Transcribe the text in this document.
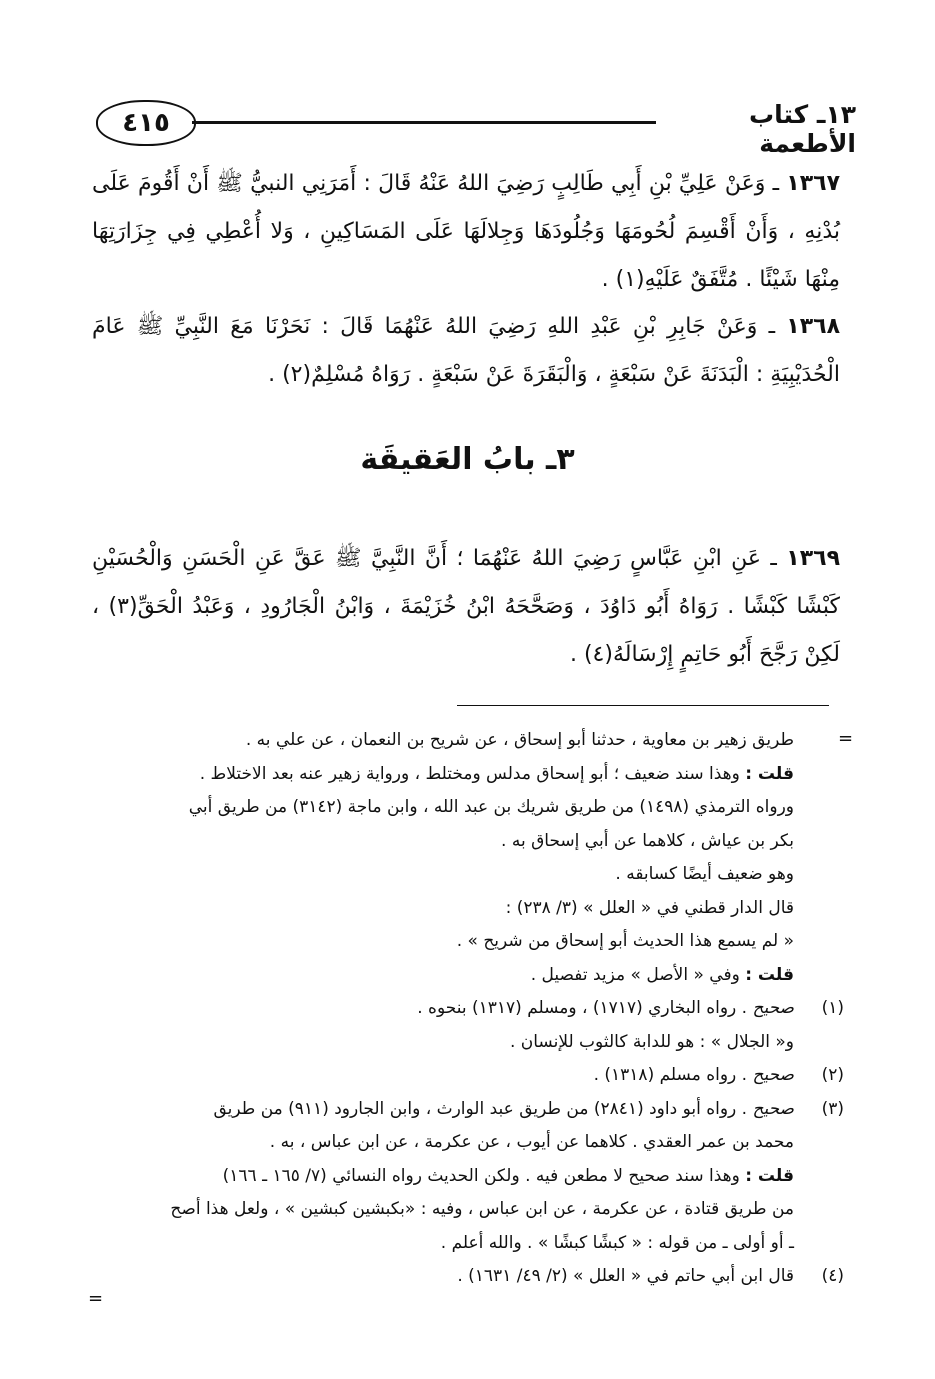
٤١٥	١٣ـ كتاب الأطعمة
١٣٦٧ ـ وَعَنْ عَلِيِّ بْنِ أَبِي طَالِبٍ رَضِيَ اللهُ عَنْهُ قَالَ : أَمَرَنِي النبيُّ ﷺ أَنْ أَقُومَ عَلَى بُدْنِهِ ، وَأَنْ أَقْسِمَ لُحُومَهَا وَجُلُودَهَا وَجِلالَهَا عَلَى المَسَاكِينِ ، وَلا أُعْطِي فِي جِزَارَتِهَا مِنْهَا شَيْئًا . مُتَّفَقٌ عَلَيْهِ(١) .
١٣٦٨ ـ وَعَنْ جَابِرِ بْنِ عَبْدِ اللهِ رَضِيَ اللهُ عَنْهُمَا قَالَ : نَحَرْنَا مَعَ النَّبِيِّ ﷺ عَامَ الْحُدَيْبِيَةِ : الْبَدَنَةَ عَنْ سَبْعَةٍ ، وَالْبَقَرَةَ عَنْ سَبْعَةٍ . رَوَاهُ مُسْلِمٌ(٢) .
٣ـ بابُ العَقيقَة
١٣٦٩ ـ عَنِ ابْنِ عَبَّاسٍ رَضِيَ اللهُ عَنْهُمَا ؛ أَنَّ النَّبِيَّ ﷺ عَقَّ عَنِ الْحَسَنِ وَالْحُسَيْنِ كَبْشًا كَبْشًا . رَوَاهُ أَبُو دَاوُدَ ، وَصَحَّحَهُ ابْنُ خُزَيْمَةَ ، وَابْنُ الْجَارُودِ ، وَعَبْدُ الْحَقِّ(٣) ، لَكِنْ رَجَّحَ أَبُو حَاتِمٍ إِرْسَالَهُ(٤) .
=
طريق زهير بن معاوية ، حدثنا أبو إسحاق ، عن شريح بن النعمان ، عن علي به .
قلت : وهذا سند ضعيف ؛ أبو إسحاق مدلس ومختلط ، ورواية زهير عنه بعد الاختلاط .
ورواه الترمذي (١٤٩٨) من طريق شريك بن عبد الله ، وابن ماجة (٣١٤٢) من طريق أبي
بكر بن عياش ، كلاهما عن أبي إسحاق به .
وهو ضعيف أيضًا كسابقه .
قال الدار قطني في « العلل » (٣/ ٢٣٨) :
« لم يسمع هذا الحديث أبو إسحاق من شريح » .
قلت : وفي « الأصل » مزيد تفصيل .
(١)صحيح . رواه البخاري (١٧١٧) ، ومسلم (١٣١٧) بنحوه .
و« الجلال » : هو للدابة كالثوب للإنسان .
(٢)صحيح . رواه مسلم (١٣١٨) .
(٣)صحيح . رواه أبو داود (٢٨٤١) من طريق عبد الوارث ، وابن الجارود (٩١١) من طريق
محمد بن عمر العقدي . كلاهما عن أيوب ، عن عكرمة ، عن ابن عباس ، به .
قلت : وهذا سند صحيح لا مطعن فيه . ولكن الحديث رواه النسائي (٧/ ١٦٥ ـ ١٦٦)
من طريق قتادة ، عن عكرمة ، عن ابن عباس ، وفيه : «بكبشين كبشين » ، ولعل هذا أصح
ـ أو أولى ـ من قوله : « كبشًا كبشًا » . والله أعلم .
(٤)قال ابن أبي حاتم في « العلل » (٢/ ٤٩/ ١٦٣١) .
=
